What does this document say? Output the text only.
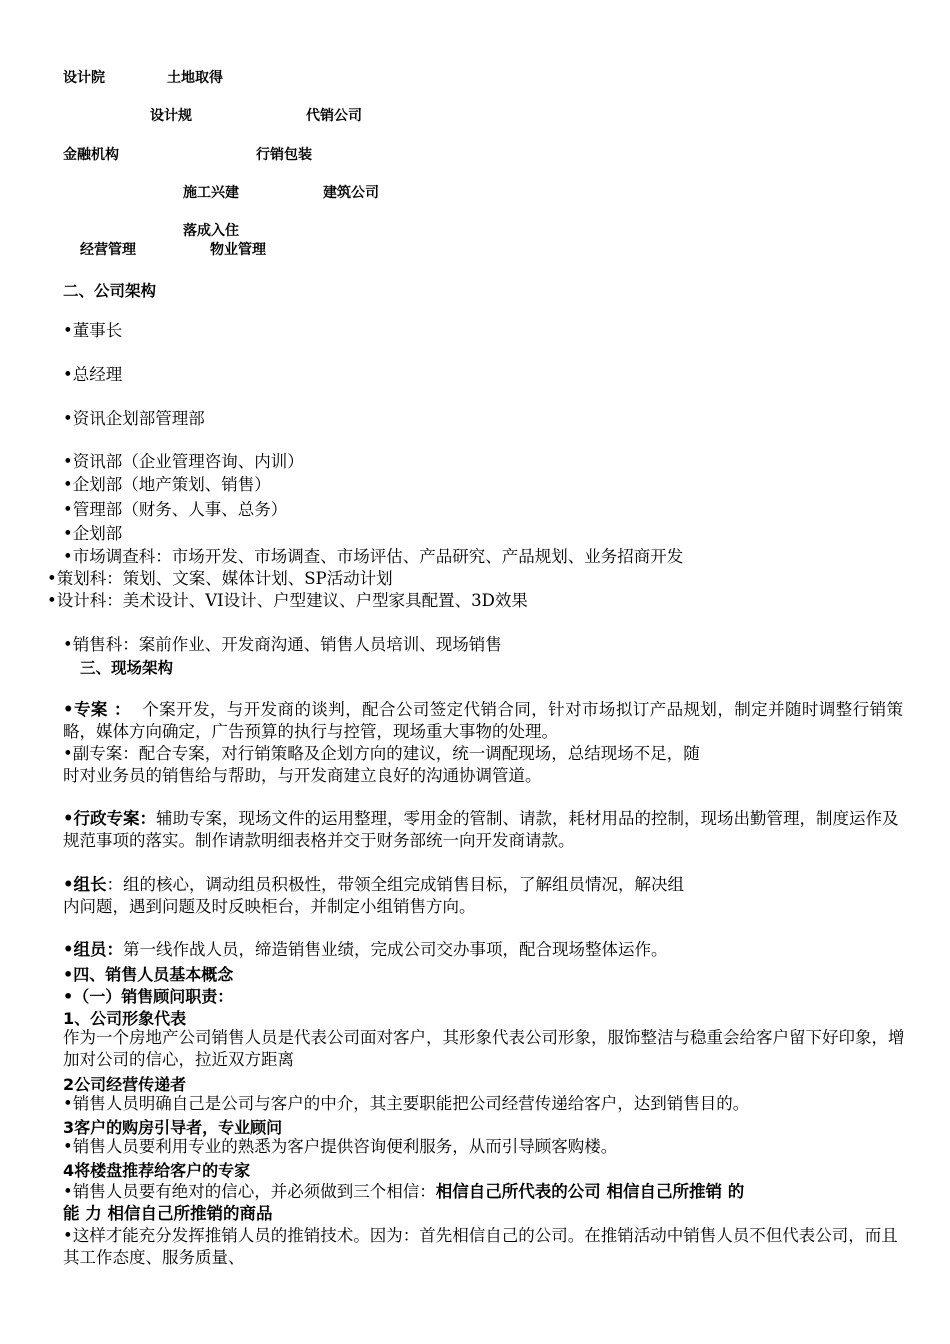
设计院	土地取得
设计规	代销公司
金融机构	行销包装
施工兴建	建筑公司
落成入住
经营管理	物业管理
二、公司架构
•董事长
•总经理
•资讯企划部管理部
•资讯部（企业管理咨询、内训）
•企划部（地产策划、销售）
•管理部（财务、人事、总务）
•企划部
•市场调查科：市场开发、市场调查、市场评估、产品研究、产品规划、业务招商开发
•策划科：策划、文案、媒体计划、SP活动计划
•设计科：美术设计、VI设计、户型建议、户型家具配置、3D效果
•销售科：案前作业、开发商沟通、销售人员培训、现场销售
三、现场架构
•专案 ： 个案开发，与开发商的谈判，配合公司签定代销合同，针对市场拟订产品规划，制定并随时调整行销策略，媒体方向确定，广告预算的执行与控管，现场重大事物的处理。
•副专案：配合专案，对行销策略及企划方向的建议，统一调配现场，总结现场不足，随
时对业务员的销售给与帮助，与开发商建立良好的沟通协调管道。
•行政专案：辅助专案，现场文件的运用整理，零用金的管制、请款，耗材用品的控制，现场出勤管理，制度运作及规范事项的落实。制作请款明细表格并交于财务部统一向开发商请款。
•组长：组的核心，调动组员积极性，带领全组完成销售目标，了解组员情况，解决组
内问题，遇到问题及时反映柜台，并制定小组销售方向。
•组员：第一线作战人员，缔造销售业绩，完成公司交办事项，配合现场整体运作。
•四、销售人员基本概念
•（一）销售顾问职责：
1、公司形象代表
作为一个房地产公司销售人员是代表公司面对客户，其形象代表公司形象，服饰整洁与稳重会给客户留下好印象，增加对公司的信心，拉近双方距离
2公司经营传递者
•销售人员明确自己是公司与客户的中介，其主要职能把公司经营传递给客户，达到销售目的。
3客户的购房引导者，专业顾问
•销售人员要利用专业的熟悉为客户提供咨询便利服务，从而引导顾客购楼。
4将楼盘推荐给客户的专家
•销售人员要有绝对的信心，并必须做到三个相信：相信自己所代表的公司 相信自己所推销 的
能 力 相信自己所推销的商品
•这样才能充分发挥推销人员的推销技术。因为：首先相信自己的公司。在推销活动中销售人员不但代表公司，而且其工作态度、服务质量、
